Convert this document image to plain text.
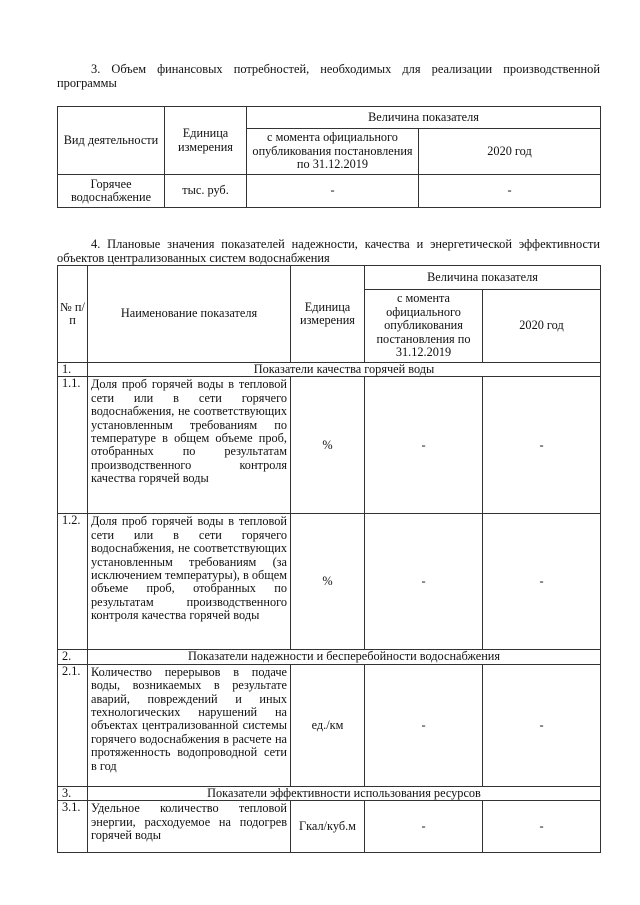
3. Объем финансовых потребностей, необходимых для реализации производственной программы
Вид деятельности	Единица измерения	Величина показателя	
		с момента официального опубликования постановления по 31.12.2019	2020 год
Горячее водоснабжение	тыс. руб.	-	-
4. Плановые значения показателей надежности, качества и энергетической эффективности объектов централизованных систем водоснабжения
№ п/п	Наименование показателя	Единица измерения	Величина показателя	
			с момента официального опубликования постановления по 31.12.2019	2020 год
1.	Показатели качества горячей воды			
1.1.	Доля проб горячей воды в тепловой сети или в сети горячего водоснабжения, не соответствующих установленным требованиям по температуре в общем объеме проб, отобранных по результатам производственного контроля качества горячей воды	%	-	-
1.2.	Доля проб горячей воды в тепловой сети или в сети горячего водоснабжения, не соответствующих установленным требованиям (за исключением температуры), в общем объеме проб, отобранных по результатам производственного контроля качества горячей воды	%	-	-
2.	Показатели надежности и бесперебойности водоснабжения			
2.1.	Количество перерывов в подаче воды, возникаемых в результате аварий, повреждений и иных технологических нарушений на объектах централизованной системы горячего водоснабжения в расчете на протяженность водопроводной сети в год	ед./км	-	-
3.	Показатели эффективности использования ресурсов			
3.1.	Удельное количество тепловой энергии, расходуемое на подогрев горячей воды	Гкал/куб.м	-	-
